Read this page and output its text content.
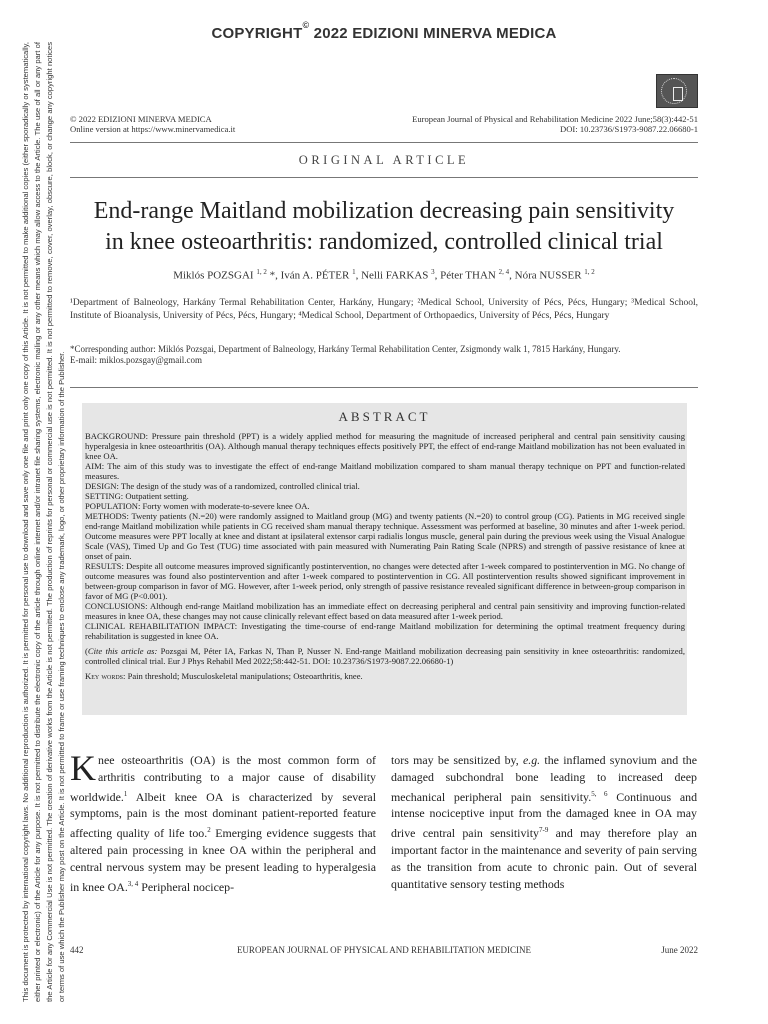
COPYRIGHT© 2022 EDIZIONI MINERVA MEDICA
This document is protected by international copyright laws. No additional reproduction is authorized. It is permitted for personal use to download and save only one file and print only one copy of this Article. It is not permitted to make additional copies (either sporadically or systematically, either printed or electronic) of the Article for any purpose. It is not permitted to distribute the electronic copy of the article through online internet and/or intranet file sharing systems, electronic mailing or any other means which may allow access to the Article. The use of all or any part of the Article for any Commercial Use is not permitted. The creation of derivative works from the Article is not permitted. The production of reprints for personal or commercial use is not permitted. It is not permitted to remove, cover, overlay, obscure, block, or change any copyright notices or terms of use which the Publisher may post on the Article. It is not permitted to frame or use framing techniques to enclose any trademark, logo, or other proprietary information of the Publisher.
© 2022 EDIZIONI MINERVA MEDICA
Online version at https://www.minervamedica.it
European Journal of Physical and Rehabilitation Medicine 2022 June;58(3):442-51
DOI: 10.23736/S1973-9087.22.06680-1
ORIGINAL ARTICLE
End-range Maitland mobilization decreasing pain sensitivity
in knee osteoarthritis: randomized, controlled clinical trial
Miklós POZSGAI $^{1, 2}$ *, Iván A. PÉTER $^1$, Nelli FARKAS $^3$, Péter THAN $^{2, 4}$, Nóra NUSSER $^{1, 2}$
¹Department of Balneology, Harkány Termal Rehabilitation Center, Harkány, Hungary; ²Medical School, University of Pécs, Pécs, Hungary; ³Medical School, Institute of Bioanalysis, University of Pécs, Pécs, Hungary; ⁴Medical School, Department of Orthopaedics, University of Pécs, Pécs, Hungary
*Corresponding author: Miklós Pozsgai, Department of Balneology, Harkány Termal Rehabilitation Center, Zsigmondy walk 1, 7815 Harkány, Hungary.
E-mail: miklos.pozsgay@gmail.com
ABSTRACT

BACKGROUND: Pressure pain threshold (PPT) is a widely applied method for measuring the magnitude of increased peripheral and central pain sensitivity causing hyperalgesia in knee osteoarthritis (OA). Although manual therapy techniques effects positively PPT, the effect of end-range Maitland mobilization has not been evaluated in knee OA.

AIM: The aim of this study was to investigate the effect of end-range Maitland mobilization compared to sham manual therapy technique on PPT and function-related measures.

DESIGN: The design of the study was of a randomized, controlled clinical trial.

SETTING: Outpatient setting.

POPULATION: Forty women with moderate-to-severe knee OA.

METHODS: Twenty patients (N.=20) were randomly assigned to Maitland group (MG) and twenty patients (N.=20) to control group (CG). Patients in MG received single end-range Maitland mobilization while patients in CG received sham manual therapy technique. Assessment was performed at baseline, 30 minutes and after 1-week period. Outcome measures were PPT locally at knee and distant at ipsilateral extensor carpi radialis longus muscle, general pain during the previous week using the Visual Analogue Scale (VAS), Timed Up and Go Test (TUG) time associated with pain measured with Numerating Pain Rating Scale (NPRS) and strength of passive resistance of knee at onset of pain.

RESULTS: Despite all outcome measures improved significantly postintervention, no changes were detected after 1-week compared to postintervention in MG. No change of outcome measures was found also postintervention and after 1-week compared to postintervention in CG. All postintervention results showed significant improvement in between-group comparison in favor of MG. However, after 1-week period, only strength of passive resistance revealed significant difference in between-group comparison in favor of MG (P<0.001).

CONCLUSIONS: Although end-range Maitland mobilization has an immediate effect on decreasing peripheral and central pain sensitivity and improving function-related measures in knee OA, these changes may not cause clinically relevant effect based on data measured after 1-week period.

CLINICAL REHABILITATION IMPACT: Investigating the time-course of end-range Maitland mobilization for determining the optimal treatment frequency during rehabilitation is suggested in knee OA.

(Cite this article as: Pozsgai M, Péter IA, Farkas N, Than P, Nusser N. End-range Maitland mobilization decreasing pain sensitivity in knee osteoarthritis: randomized, controlled clinical trial. Eur J Phys Rehabil Med 2022;58:442-51. DOI: 10.23736/S1973-9087.22.06680-1)

Key words: Pain threshold; Musculoskeletal manipulations; Osteoarthritis, knee.

Knee osteoarthritis (OA) is the most common form of arthritis contributing to a major cause of disability worldwide.$^1$ Albeit knee OA is characterized by several symptoms, pain is the most dominant patient-reported feature affecting quality of life too.$^2$ Emerging evidence suggests that altered pain processing in knee OA within the peripheral and central nervous system may be present leading to hyperalgesia in knee OA.$^{3, 4}$ Peripheral nocicep-
tors may be sensitized by, e.g. the inflamed synovium and the damaged subchondral bone leading to increased deep mechanical peripheral pain sensitivity.$^{5, 6}$ Continuous and intense nociceptive input from the damaged knee in OA may drive central pain sensitivity$^{7-9}$ and may therefore play an important factor in the maintenance and severity of pain serving as the transition from acute to chronic pain. Out of several quantitative sensory testing methods
442	EUROPEAN JOURNAL OF PHYSICAL AND REHABILITATION MEDICINE	June 2022
